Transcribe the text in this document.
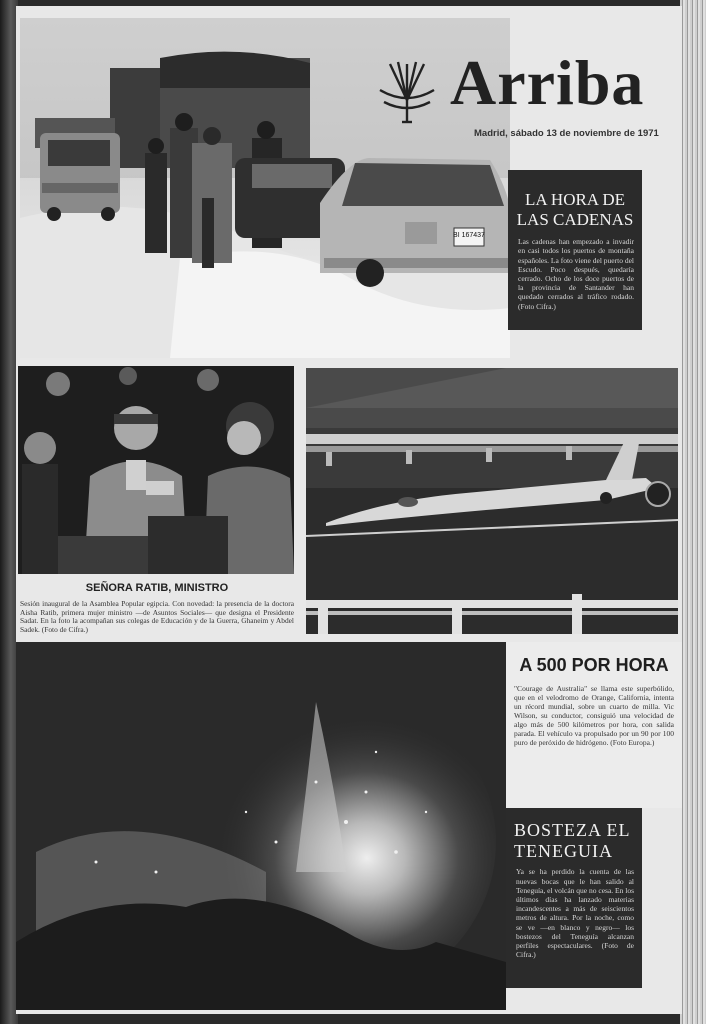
BI 167437
Arriba
Madrid, sábado 13 de noviembre de 1971
LA HORA DE LAS CADENAS
Las cadenas han empezado a invadir en casi todos los puertos de montaña españoles. La foto viene del puerto del Escudo. Poco después, quedaría cerrado. Ocho de los doce puertos de la provincia de Santander han quedado cerrados al tráfico rodado. (Foto Cifra.)
SEÑORA RATIB, MINISTRO
Sesión inaugural de la Asamblea Popular egipcia. Con novedad: la presencia de la doctora Aisha Ratib, primera mujer ministro —de Asuntos Sociales— que designa el Presidente Sadat. En la foto la acompañan sus colegas de Educación y de la Guerra, Ghaneim y Abdel Sadek. (Foto de Cifra.)
A 500 POR HORA
"Courage de Australia" se llama este superbólido, que en el velodromo de Orange, California, intenta un récord mundial, sobre un cuarto de milla. Vic Wilson, su conductor, consiguió una velocidad de algo más de 500 kilómetros por hora, con salida parada. El vehículo va propulsado por un 90 por 100 puro de peróxido de hidrógeno. (Foto Europa.)
BOSTEZA EL TENEGUIA
Ya se ha perdido la cuenta de las nuevas bocas que le han salido al Teneguía, el volcán que no cesa. En los últimos días ha lanzado materias incandescentes a más de seiscientos metros de altura. Por la noche, como se ve —en blanco y negro— los bostezos del Teneguía alcanzan perfiles espectaculares. (Foto de Cifra.)
